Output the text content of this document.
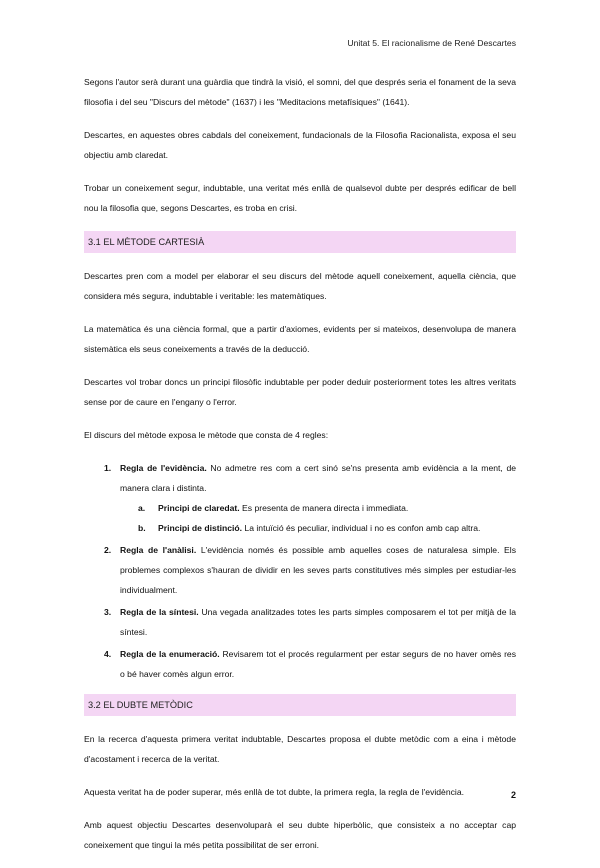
Unitat 5. El racionalisme de René Descartes

Segons l'autor serà durant una guàrdia que tindrà la visió, el somni, del que després seria el fonament de la seva filosofia i del seu "Discurs del mètode" (1637) i les "Meditacions metafísiques" (1641).

Descartes, en aquestes obres cabdals del coneixement, fundacionals de la Filosofia Racionalista, exposa el seu objectiu amb claredat.

Trobar un coneixement segur, indubtable, una veritat més enllà de qualsevol dubte per després edificar de bell nou la filosofia que, segons Descartes, es troba en crisi.

3.1 EL MÈTODE CARTESIÀ

Descartes pren com a model per elaborar el seu discurs del mètode aquell coneixement, aquella ciència, que considera més segura, indubtable i veritable: les matemàtiques.

La matemàtica és una ciència formal, que a partir d'axiomes, evidents per si mateixos, desenvolupa de manera sistemàtica els seus coneixements a través de la deducció.

Descartes vol trobar doncs un principi filosòfic indubtable per poder deduir posteriorment totes les altres veritats sense por de caure en l'engany o l'error.

El discurs del mètode exposa le mètode que consta de 4 regles:

1. Regla de l'evidència. No admetre res com a cert sinó se'ns presenta amb evidència a la ment, de manera clara i distinta.
a. Principi de claredat. Es presenta de manera directa i immediata.
b. Principi de distinció. La intuïció és peculiar, individual i no es confon amb cap altra.
2. Regla de l'anàlisi. L'evidència només és possible amb aquelles coses de naturalesa simple. Els problemes complexos s'hauran de dividir en les seves parts constitutives més simples per estudiar-les individualment.
3. Regla de la síntesi. Una vegada analitzades totes les parts simples composarem el tot per mitjà de la síntesi.
4. Regla de la enumeració. Revisarem tot el procés regularment per estar segurs de no haver omès res o bé haver comès algun error.
3.2 EL DUBTE METÒDIC

En la recerca d'aquesta primera veritat indubtable, Descartes proposa el dubte metòdic com a eina i mètode d'acostament i recerca de la veritat.

Aquesta veritat ha de poder superar, més enllà de tot dubte, la primera regla, la regla de l'evidència.

Amb aquest objectiu Descartes desenvoluparà el seu dubte hiperbòlic, que consisteix a no acceptar cap coneixement que tingui la més petita possibilitat de ser erroni.

2
